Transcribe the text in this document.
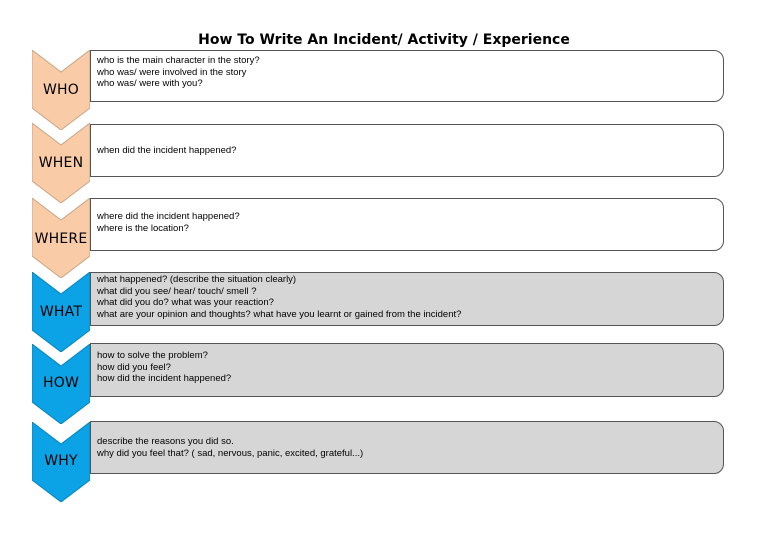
How To Write An Incident/ Activity / Experience
WHO
who is the main character in the story?
who was/ were involved in the story
who was/ were with you?
WHEN
when did the incident happened?
WHERE
where did the incident happened?
where is the location?
WHAT
what happened? (describe the situation clearly)
what did you see/ hear/ touch/ smell ?
what did you do? what was your reaction?
what are your opinion and thoughts? what have you learnt or gained from the incident?
HOW
how to solve the problem?
how did you feel?
how did the incident happened?
WHY
describe the reasons you did so.
why did you feel that? ( sad, nervous, panic, excited, grateful...)
